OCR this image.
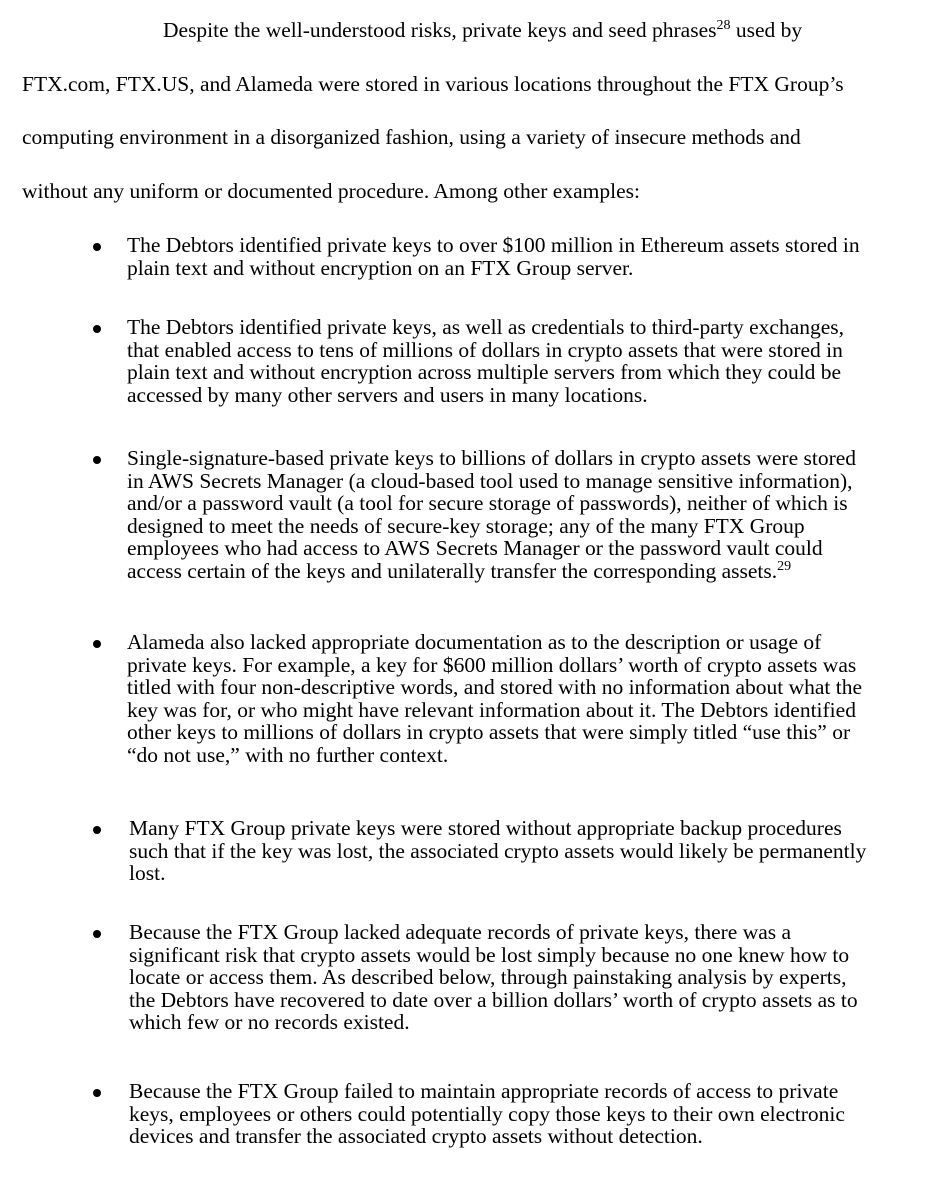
Despite the well-understood risks, private keys and seed phrases$^{28}$ used by
FTX.com, FTX.US, and Alameda were stored in various locations throughout the FTX Group’s
computing environment in a disorganized fashion, using a variety of insecure methods and
without any uniform or documented procedure. Among other examples:
The Debtors identified private keys to over $100 million in Ethereum assets stored in
plain text and without encryption on an FTX Group server.
The Debtors identified private keys, as well as credentials to third-party exchanges,
that enabled access to tens of millions of dollars in crypto assets that were stored in
plain text and without encryption across multiple servers from which they could be
accessed by many other servers and users in many locations.
Single-signature-based private keys to billions of dollars in crypto assets were stored
in AWS Secrets Manager (a cloud-based tool used to manage sensitive information),
and/or a password vault (a tool for secure storage of passwords), neither of which is
designed to meet the needs of secure-key storage; any of the many FTX Group
employees who had access to AWS Secrets Manager or the password vault could
access certain of the keys and unilaterally transfer the corresponding assets.$^{29}$
Alameda also lacked appropriate documentation as to the description or usage of
private keys. For example, a key for $600 million dollars’ worth of crypto assets was
titled with four non-descriptive words, and stored with no information about what the
key was for, or who might have relevant information about it. The Debtors identified
other keys to millions of dollars in crypto assets that were simply titled “use this” or
“do not use,” with no further context.
Many FTX Group private keys were stored without appropriate backup procedures
such that if the key was lost, the associated crypto assets would likely be permanently
lost.
Because the FTX Group lacked adequate records of private keys, there was a
significant risk that crypto assets would be lost simply because no one knew how to
locate or access them. As described below, through painstaking analysis by experts,
the Debtors have recovered to date over a billion dollars’ worth of crypto assets as to
which few or no records existed.
Because the FTX Group failed to maintain appropriate records of access to private
keys, employees or others could potentially copy those keys to their own electronic
devices and transfer the associated crypto assets without detection.
